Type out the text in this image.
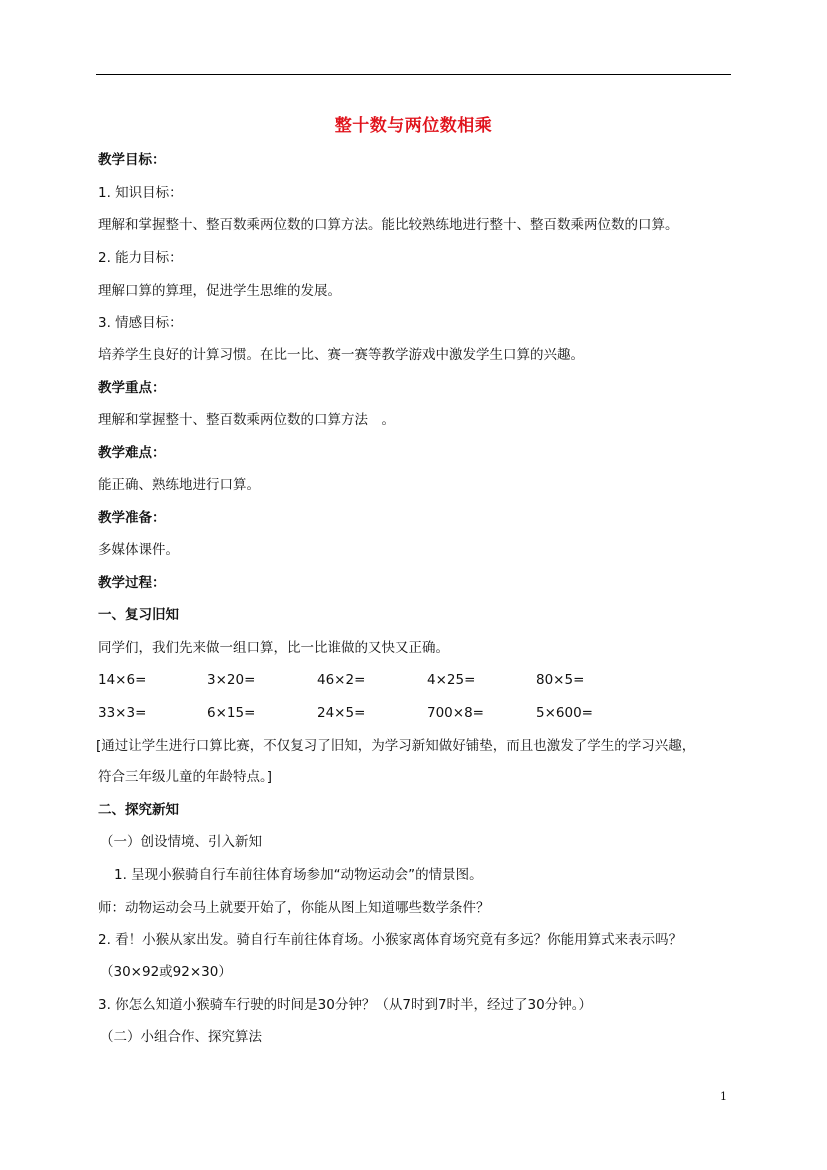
整十数与两位数相乘
教学目标：
1. 知识目标：
理解和掌握整十、整百数乘两位数的口算方法。能比较熟练地进行整十、整百数乘两位数的口算。
2. 能力目标：
理解口算的算理，促进学生思维的发展。
3. 情感目标：
培养学生良好的计算习惯。在比一比、赛一赛等教学游戏中激发学生口算的兴趣。
教学重点：
理解和掌握整十、整百数乘两位数的口算方法　。
教学难点：
能正确、熟练地进行口算。
教学准备：
多媒体课件。
教学过程：
一、复习旧知
同学们，我们先来做一组口算，比一比谁做的又快又正确。
14×6=	3×20=	46×2=	4×25=	80×5=
33×3=	6×15=	24×5=	700×8=	5×600=
[通过让学生进行口算比赛，不仅复习了旧知，为学习新知做好铺垫，而且也激发了学生的学习兴趣，
符合三年级儿童的年龄特点。]
二、探究新知
（一）创设情境、引入新知
1. 呈现小猴骑自行车前往体育场参加“动物运动会”的情景图。
师：动物运动会马上就要开始了，你能从图上知道哪些数学条件？
2. 看！小猴从家出发。骑自行车前往体育场。小猴家离体育场究竟有多远？你能用算式来表示吗？
（30×92或92×30）
3. 你怎么知道小猴骑车行驶的时间是30分钟？（从7时到7时半，经过了30分钟。）
（二）小组合作、探究算法
1
